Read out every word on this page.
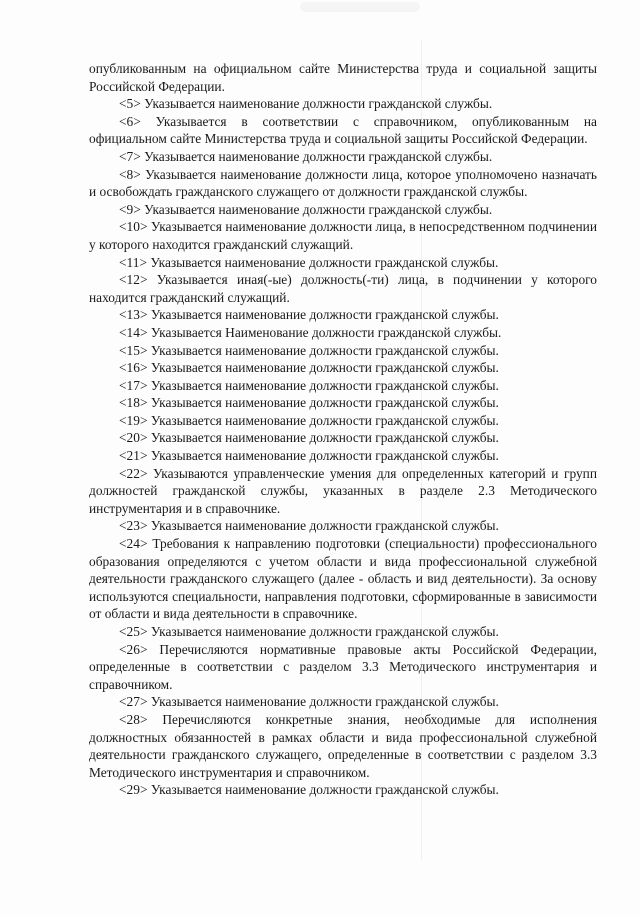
опубликованным на официальном сайте Министерства труда и социальной защиты Российской Федерации.

<5> Указывается наименование должности гражданской службы.

<6> Указывается в соответствии с справочником, опубликованным на официальном сайте Министерства труда и социальной защиты Российской Федерации.

<7> Указывается наименование должности гражданской службы.

<8> Указывается наименование должности лица, которое уполномочено назначать и освобождать гражданского служащего от должности гражданской службы.

<9> Указывается наименование должности гражданской службы.

<10> Указывается наименование должности лица, в непосредственном подчинении у которого находится гражданский служащий.

<11> Указывается наименование должности гражданской службы.

<12> Указывается иная(-ые) должность(-ти) лица, в подчинении у которого находится гражданский служащий.

<13> Указывается наименование должности гражданской службы.

<14> Указывается Наименование должности гражданской службы.

<15> Указывается наименование должности гражданской службы.

<16> Указывается наименование должности гражданской службы.

<17> Указывается наименование должности гражданской службы.

<18> Указывается наименование должности гражданской службы.

<19> Указывается наименование должности гражданской службы.

<20> Указывается наименование должности гражданской службы.

<21> Указывается наименование должности гражданской службы.

<22> Указываются управленческие умения для определенных категорий и групп должностей гражданской службы, указанных в разделе 2.3 Методического инструментария и в справочнике.

<23> Указывается наименование должности гражданской службы.

<24> Требования к направлению подготовки (специальности) профессионального образования определяются с учетом области и вида профессиональной служебной деятельности гражданского служащего (далее - область и вид деятельности). За основу используются специальности, направления подготовки, сформированные в зависимости от области и вида деятельности в справочнике.

<25> Указывается наименование должности гражданской службы.

<26> Перечисляются нормативные правовые акты Российской Федерации, определенные в соответствии с разделом 3.3 Методического инструментария и справочником.

<27> Указывается наименование должности гражданской службы.

<28> Перечисляются конкретные знания, необходимые для исполнения должностных обязанностей в рамках области и вида профессиональной служебной деятельности гражданского служащего, определенные в соответствии с разделом 3.3 Методического инструментария и справочником.

<29> Указывается наименование должности гражданской службы.
